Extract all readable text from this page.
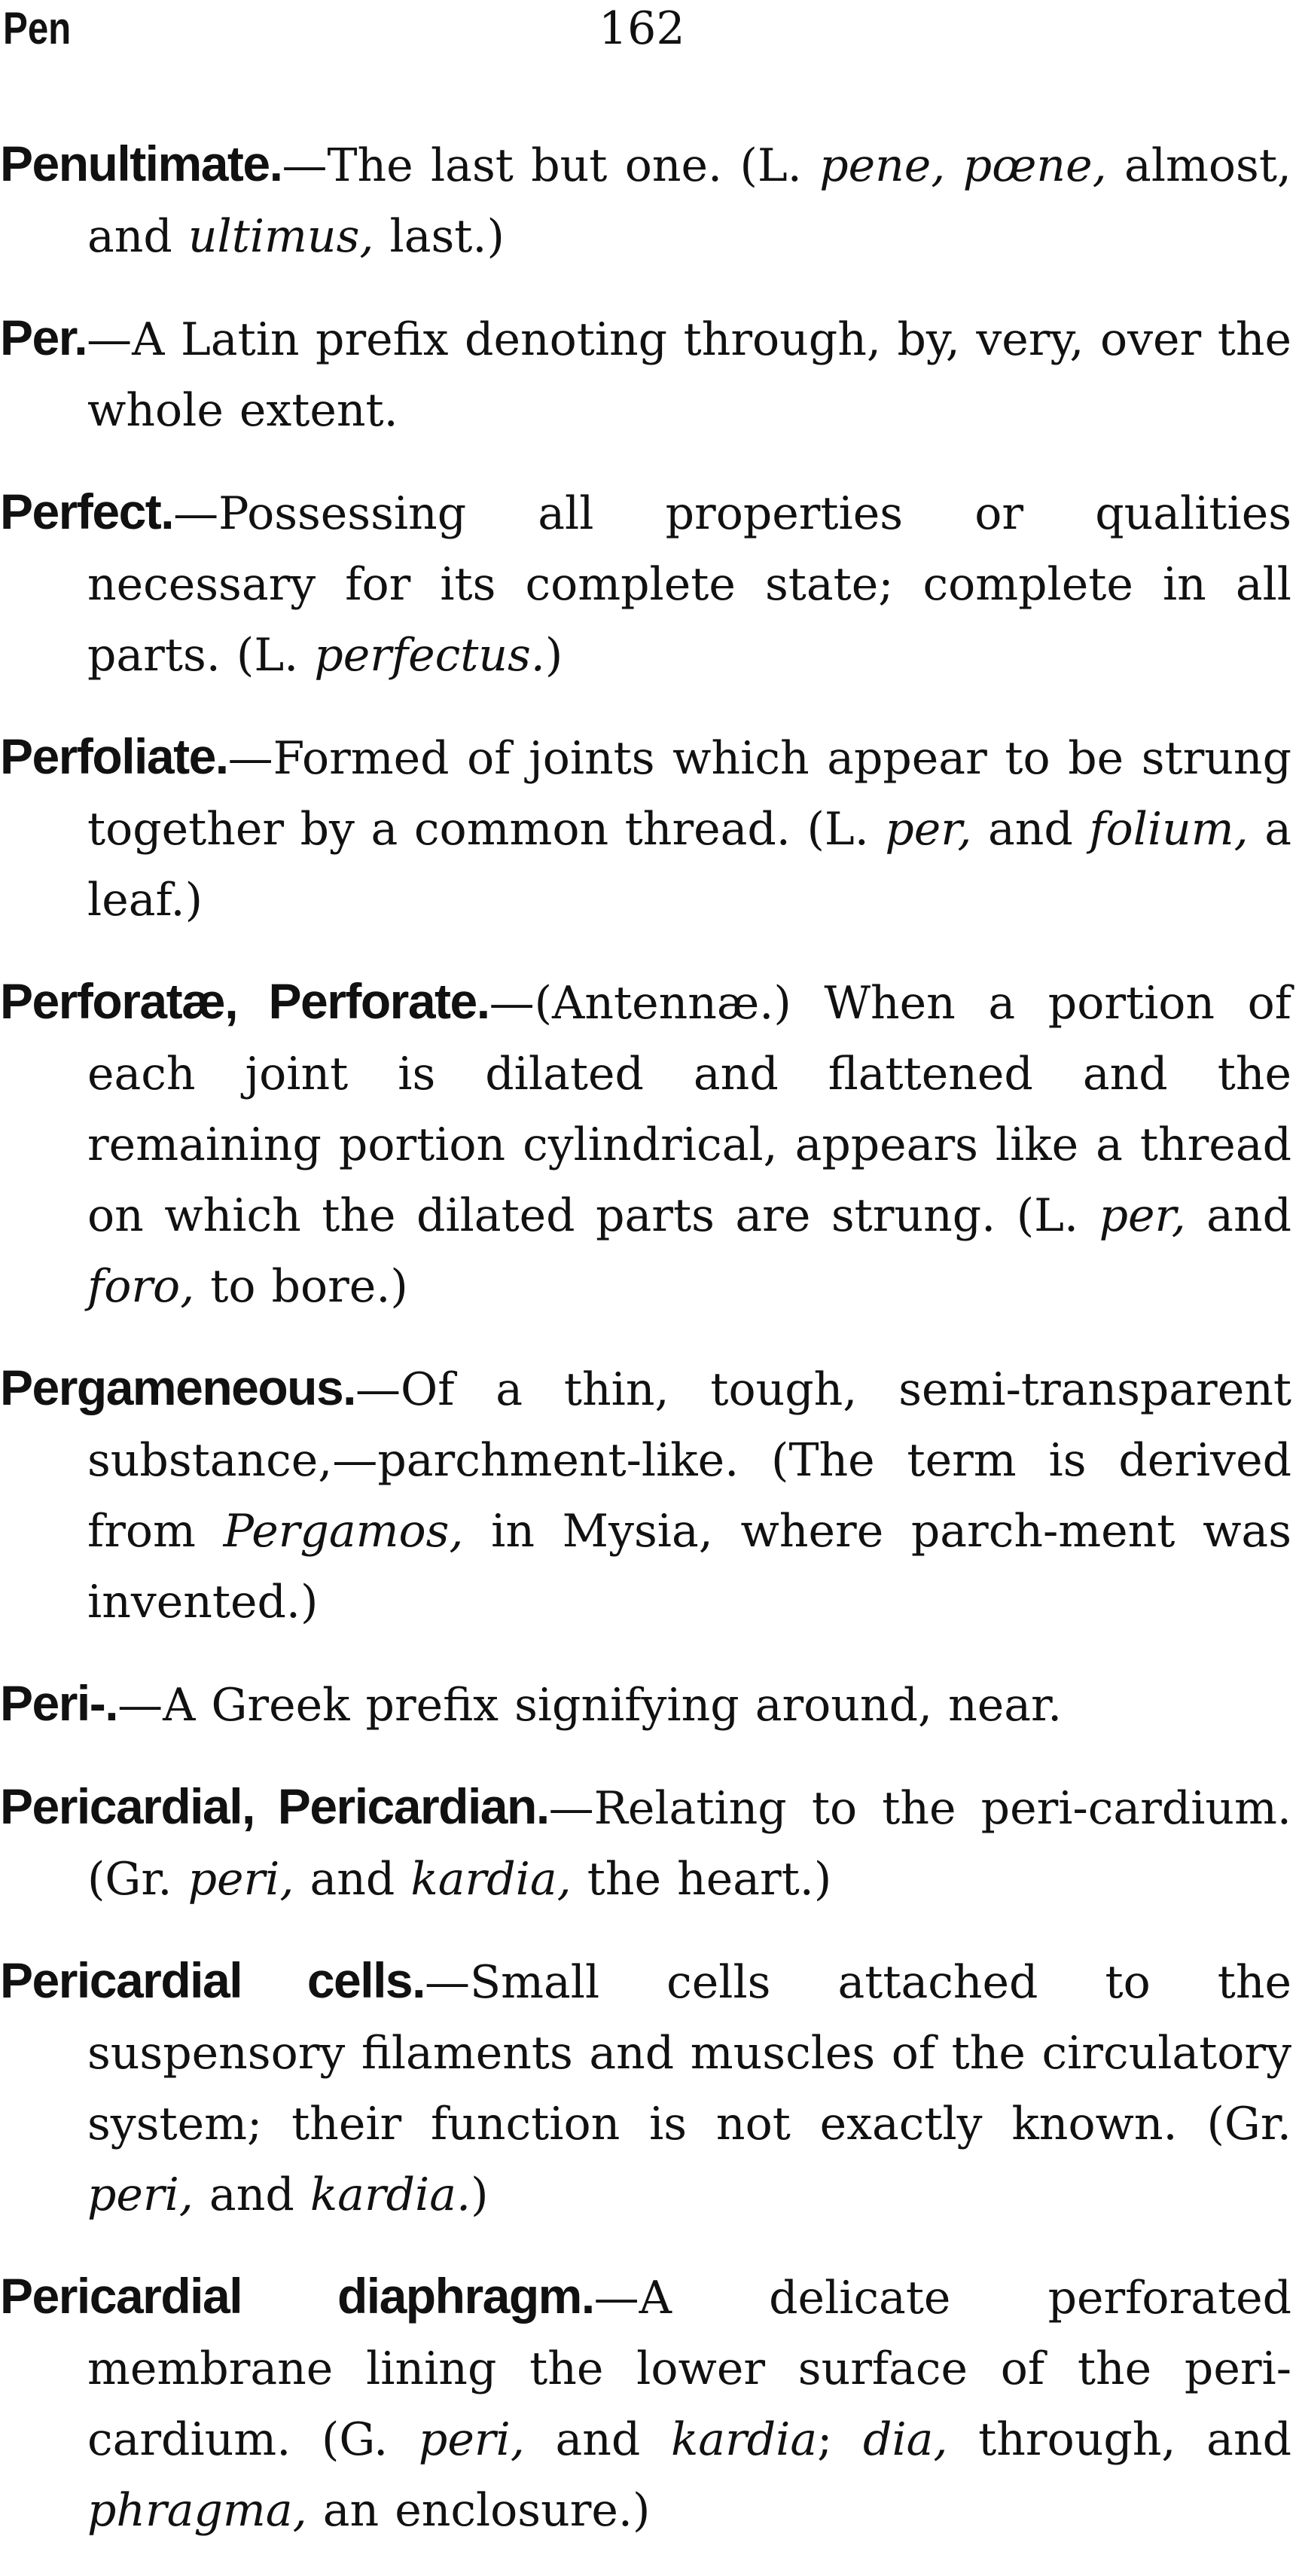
Pen	162

Penultimate.—The last but one. (L. pene, pœne, almost, and ultimus, last.)

Per.—A Latin prefix denoting through, by, very, over the whole extent.

Perfect.—Possessing all properties or qualities necessary for its complete state; complete in all parts. (L. perfectus.)

Perfoliate.—Formed of joints which appear to be strung together by a common thread. (L. per, and folium, a leaf.)

Perforatæ, Perforate.—(Antennæ.) When a portion of each joint is dilated and flattened and the remaining portion cylindrical, appears like a thread on which the dilated parts are strung. (L. per, and foro, to bore.)

Pergameneous.—Of a thin, tough, semi-transparent substance,—parchment-like. (The term is derived from Pergamos, in Mysia, where parch-ment was invented.)

Peri-.—A Greek prefix signifying around, near.

Pericardial, Pericardian.—Relating to the peri-cardium. (Gr. peri, and kardia, the heart.)

Pericardial cells.—Small cells attached to the suspensory filaments and muscles of the circulatory system; their function is not exactly known. (Gr. peri, and kardia.)

Pericardial diaphragm.—A delicate perforated membrane lining the lower surface of the peri-cardium. (G. peri, and kardia; dia, through, and phragma, an enclosure.)
